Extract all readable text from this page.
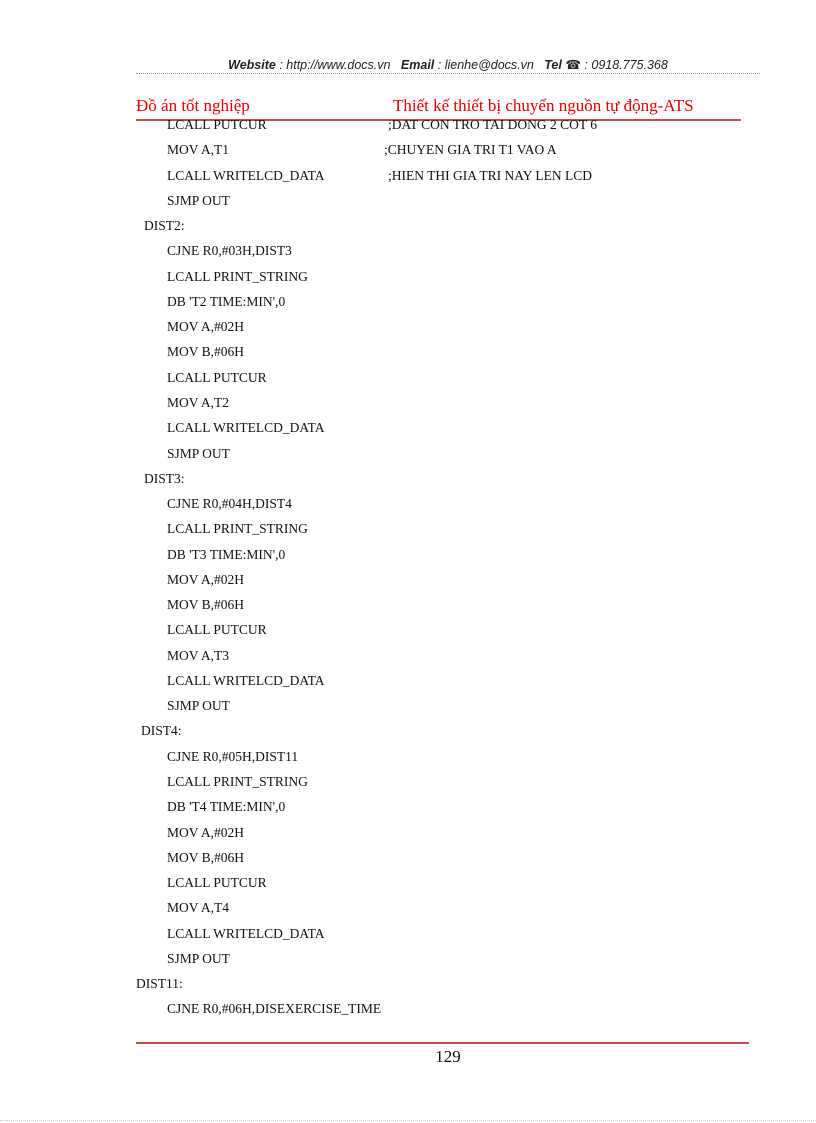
Website : http://www.docs.vn Email : lienhe@docs.vn Tel ☎ : 0918.775.368
Đồ án tốt nghiệp	Thiết kế thiết bị chuyển nguồn tự động-ATS
LCALL PUTCUR	;DAT CON TRO TAI DONG 2 COT 6
MOV A,T1	;CHUYEN GIA TRI T1 VAO A
LCALL WRITELCD_DATA	;HIEN THI GIA TRI NAY LEN LCD
SJMP OUT
DIST2:
CJNE R0,#03H,DIST3
LCALL PRINT_STRING
DB 'T2 TIME:MIN',0
MOV A,#02H
MOV B,#06H
LCALL PUTCUR
MOV A,T2
LCALL WRITELCD_DATA
SJMP OUT
DIST3:
CJNE R0,#04H,DIST4
LCALL PRINT_STRING
DB 'T3 TIME:MIN',0
MOV A,#02H
MOV B,#06H
LCALL PUTCUR
MOV A,T3
LCALL WRITELCD_DATA
SJMP OUT
DIST4:
CJNE R0,#05H,DIST11
LCALL PRINT_STRING
DB 'T4 TIME:MIN',0
MOV A,#02H
MOV B,#06H
LCALL PUTCUR
MOV A,T4
LCALL WRITELCD_DATA
SJMP OUT
DIST11:
CJNE R0,#06H,DISEXERCISE_TIME
129
